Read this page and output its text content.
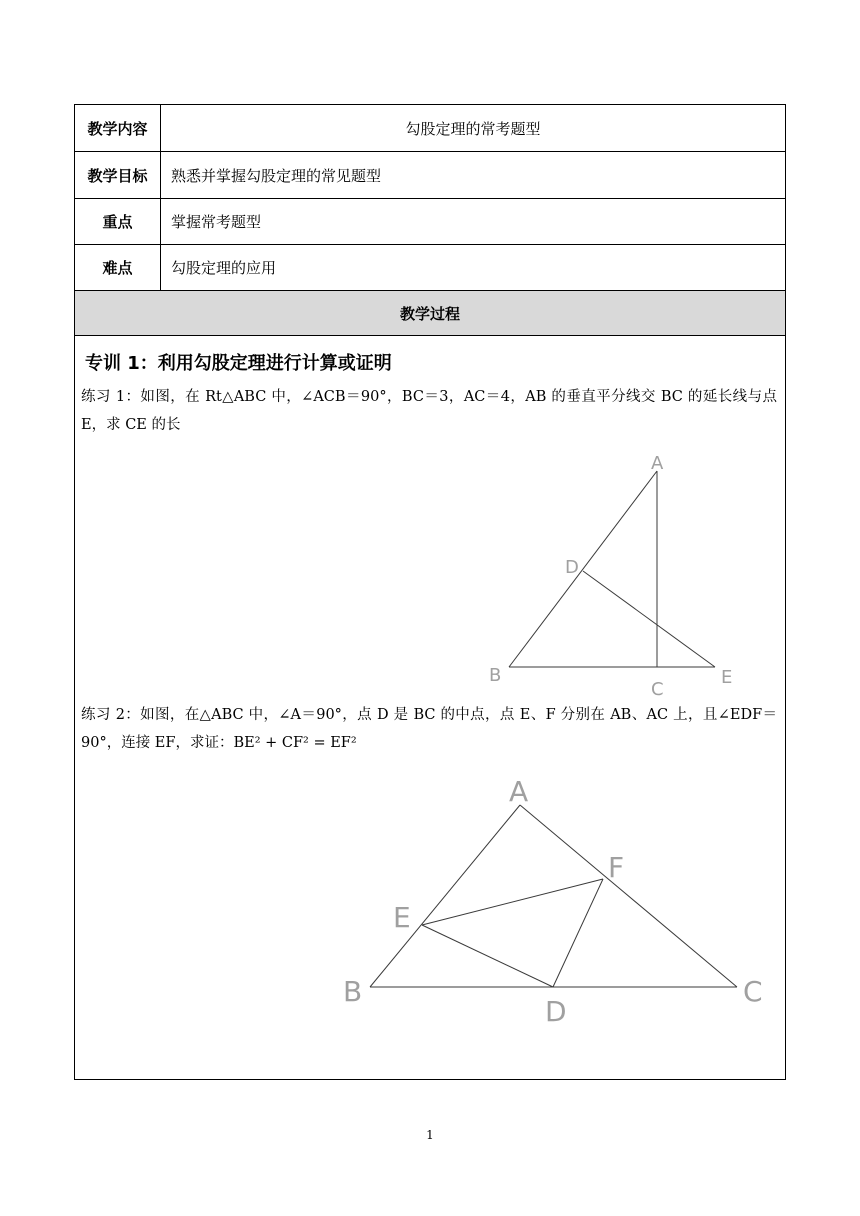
教学内容	勾股定理的常考题型
教学目标	熟悉并掌握勾股定理的常见题型
重点	掌握常考题型
难点	勾股定理的应用
教学过程
专训 1：利用勾股定理进行计算或证明
练习 1：如图，在 Rt△ABC 中，∠ACB＝90°，BC＝3，AC＝4，AB 的垂直平分线交 BC 的延长线与点 E，求 CE 的长
A
D
B
C
E
练习 2：如图，在△ABC 中，∠A＝90°，点 D 是 BC 的中点，点 E、F 分别在 AB、AC 上，且∠EDF＝90°，连接 EF，求证：BE² + CF² = EF²
A
F
E
B	C
D
1
